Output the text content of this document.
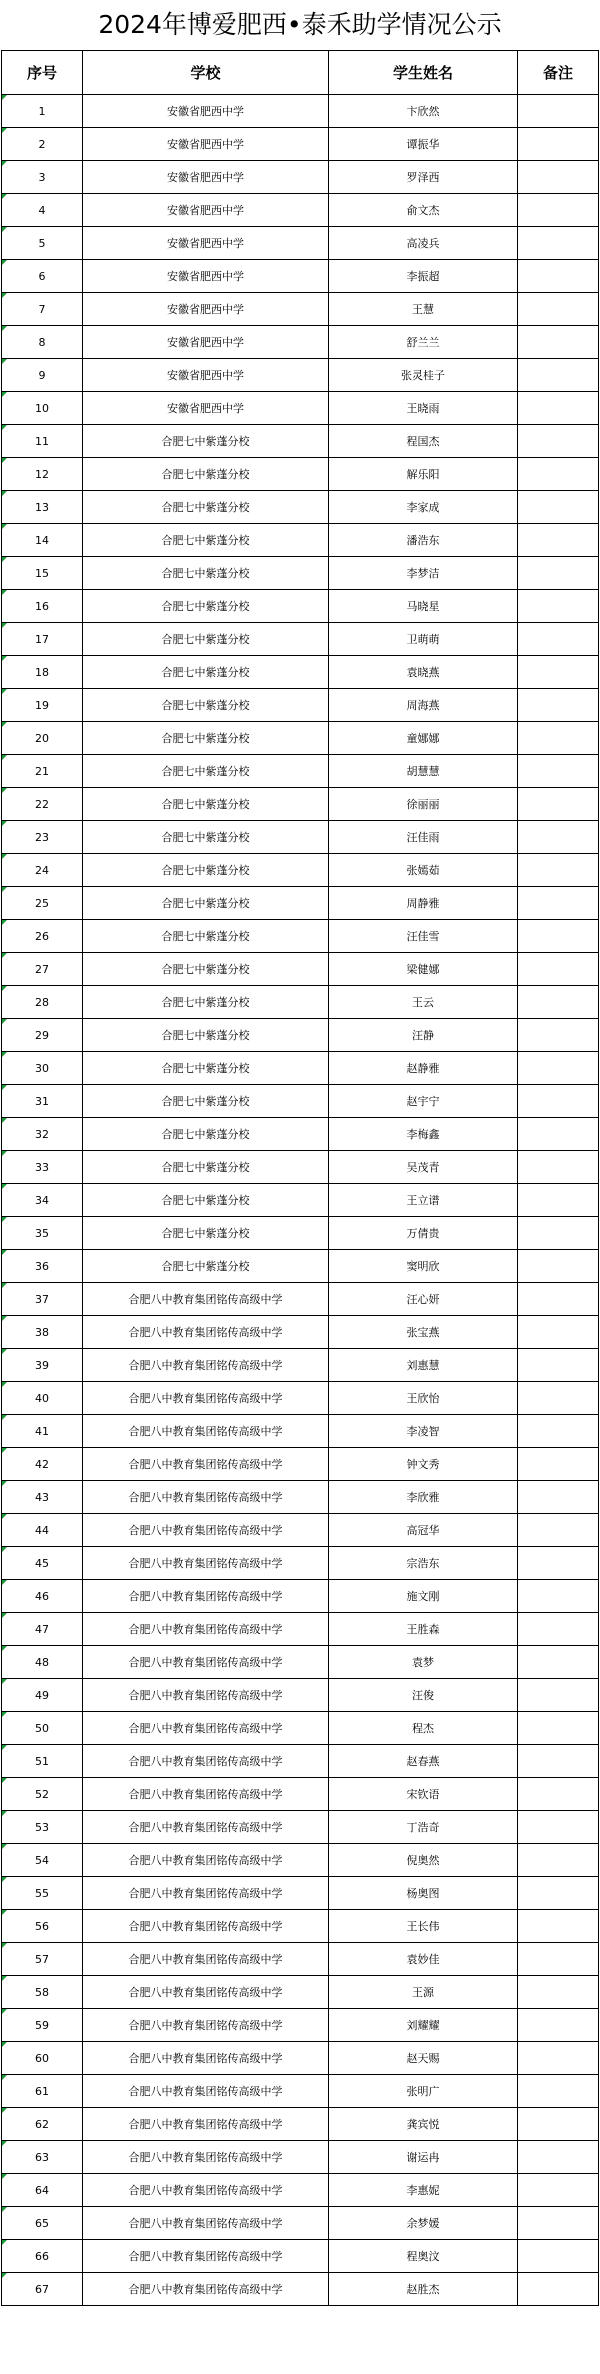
2024年博爱肥西•泰禾助学情况公示
序号	学校	学生姓名	备注
1	安徽省肥西中学	卞欣然	
2	安徽省肥西中学	谭振华	
3	安徽省肥西中学	罗泽西	
4	安徽省肥西中学	俞文杰	
5	安徽省肥西中学	高凌兵	
6	安徽省肥西中学	李振超	
7	安徽省肥西中学	王慧	
8	安徽省肥西中学	舒兰兰	
9	安徽省肥西中学	张灵桂子	
10	安徽省肥西中学	王晓雨	
11	合肥七中紫蓬分校	程国杰	
12	合肥七中紫蓬分校	解乐阳	
13	合肥七中紫蓬分校	李家成	
14	合肥七中紫蓬分校	潘浩东	
15	合肥七中紫蓬分校	李梦洁	
16	合肥七中紫蓬分校	马晓星	
17	合肥七中紫蓬分校	卫萌萌	
18	合肥七中紫蓬分校	袁晓燕	
19	合肥七中紫蓬分校	周海燕	
20	合肥七中紫蓬分校	童娜娜	
21	合肥七中紫蓬分校	胡慧慧	
22	合肥七中紫蓬分校	徐丽丽	
23	合肥七中紫蓬分校	汪佳雨	
24	合肥七中紫蓬分校	张嫣茹	
25	合肥七中紫蓬分校	周静雅	
26	合肥七中紫蓬分校	汪佳雪	
27	合肥七中紫蓬分校	梁健娜	
28	合肥七中紫蓬分校	王云	
29	合肥七中紫蓬分校	汪静	
30	合肥七中紫蓬分校	赵静雅	
31	合肥七中紫蓬分校	赵宇宁	
32	合肥七中紫蓬分校	李梅鑫	
33	合肥七中紫蓬分校	吴茂青	
34	合肥七中紫蓬分校	王立谱	
35	合肥七中紫蓬分校	万倩贵	
36	合肥七中紫蓬分校	窦明欣	
37	合肥八中教育集团铭传高级中学	汪心妍	
38	合肥八中教育集团铭传高级中学	张宝燕	
39	合肥八中教育集团铭传高级中学	刘惠慧	
40	合肥八中教育集团铭传高级中学	王欣怡	
41	合肥八中教育集团铭传高级中学	李凌智	
42	合肥八中教育集团铭传高级中学	钟文秀	
43	合肥八中教育集团铭传高级中学	李欣雅	
44	合肥八中教育集团铭传高级中学	高冠华	
45	合肥八中教育集团铭传高级中学	宗浩东	
46	合肥八中教育集团铭传高级中学	施文刚	
47	合肥八中教育集团铭传高级中学	王胜森	
48	合肥八中教育集团铭传高级中学	袁梦	
49	合肥八中教育集团铭传高级中学	汪俊	
50	合肥八中教育集团铭传高级中学	程杰	
51	合肥八中教育集团铭传高级中学	赵春燕	
52	合肥八中教育集团铭传高级中学	宋钦语	
53	合肥八中教育集团铭传高级中学	丁浩奇	
54	合肥八中教育集团铭传高级中学	倪奥然	
55	合肥八中教育集团铭传高级中学	杨奥图	
56	合肥八中教育集团铭传高级中学	王长伟	
57	合肥八中教育集团铭传高级中学	袁妙佳	
58	合肥八中教育集团铭传高级中学	王源	
59	合肥八中教育集团铭传高级中学	刘耀耀	
60	合肥八中教育集团铭传高级中学	赵天赐	
61	合肥八中教育集团铭传高级中学	张明广	
62	合肥八中教育集团铭传高级中学	龚宾悦	
63	合肥八中教育集团铭传高级中学	谢运冉	
64	合肥八中教育集团铭传高级中学	李惠妮	
65	合肥八中教育集团铭传高级中学	余梦媛	
66	合肥八中教育集团铭传高级中学	程奥汶	
67	合肥八中教育集团铭传高级中学	赵胜杰	
